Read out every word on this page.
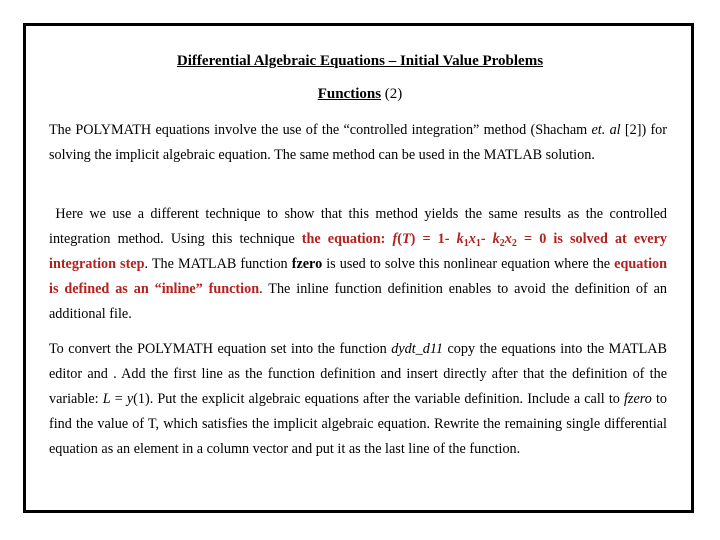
Differential Algebraic Equations – Initial Value Problems
Functions (2)
The POLYMATH equations involve the use of the “controlled integration” method (Shacham et. al [2]) for solving the implicit algebraic equation. The same method can be used in the MATLAB solution.
Here we use a different technique to show that this method yields the same results as the controlled integration method. Using this technique the equation: f(T) = 1- $k_1x_1-$ $k_2x_2 = 0$ is solved at every integration step. The MATLAB function fzero is used to solve this nonlinear equation where the equation is defined as an “inline” function. The inline function definition enables to avoid the definition of an additional file.
To convert the POLYMATH equation set into the function dydt_d11 copy the equations into the MATLAB editor and . Add the first line as the function definition and insert directly after that the definition of the variable: L = y(1). Put the explicit algebraic equations after the variable definition. Include a call to fzero to find the value of T, which satisfies the implicit algebraic equation. Rewrite the remaining single differential equation as an element in a column vector and put it as the last line of the function.
